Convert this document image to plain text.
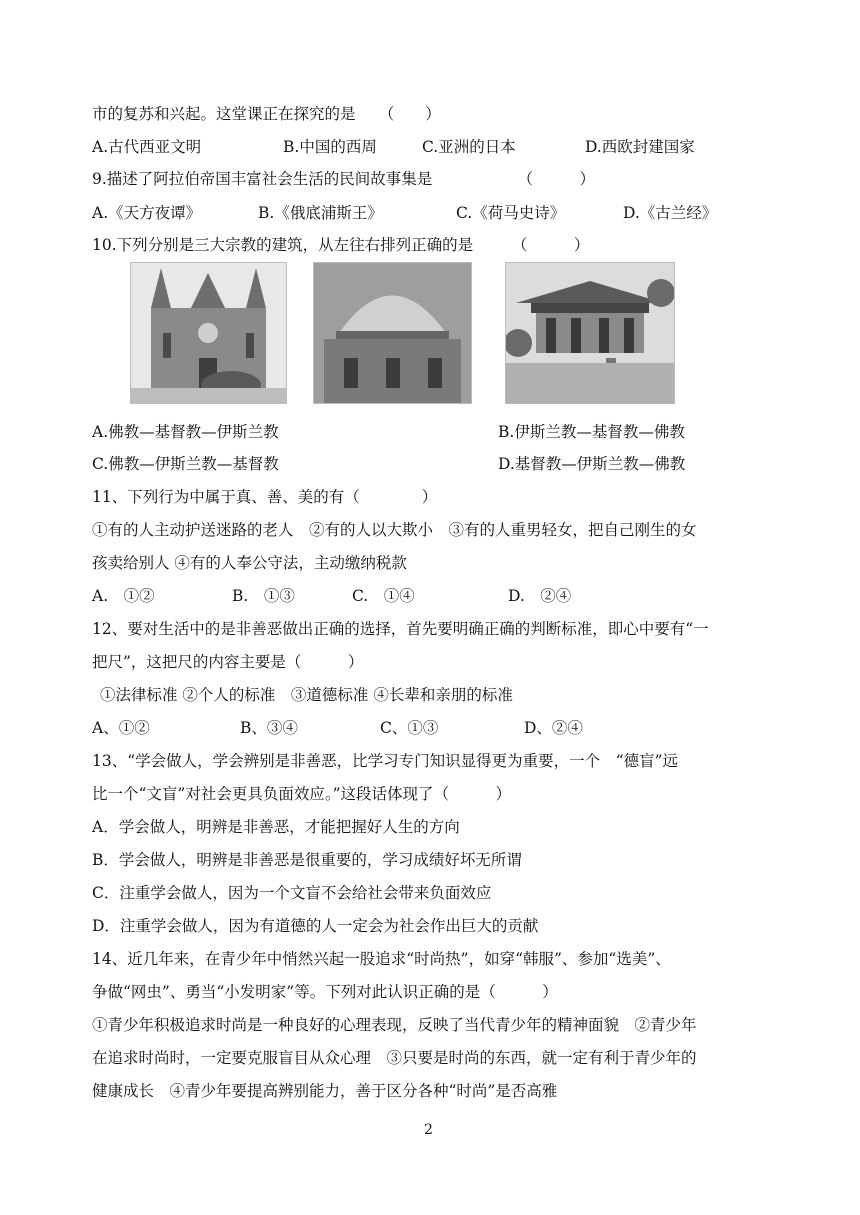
市的复苏和兴起。这堂课正在探究的是　　（　　）
A.古代西亚文明	B.中国的西周	C.亚洲的日本	D.西欧封建国家
9.描述了阿拉伯帝国丰富社会生活的民间故事集是　　　　　　（　　　）
A.《天方夜谭》	B.《俄底浦斯王》	C.《荷马史诗》	D.《古兰经》
10.下列分别是三大宗教的建筑，从左往右排列正确的是　　　（　　　）
A.佛教—基督教—伊斯兰教	B.伊斯兰教—基督教—佛教
C.佛教—伊斯兰教—基督教	D.基督教—伊斯兰教—佛教
11、下列行为中属于真、善、美的有（　　　　）
①有的人主动护送迷路的老人　②有的人以大欺小　③有的人重男轻女，把自己刚生的女
孩卖给别人 ④有的人奉公守法，主动缴纳税款
A.　①②	B.　①③	C.　①④	D.　②④
12、要对生活中的是非善恶做出正确的选择，首先要明确正确的判断标准，即心中要有“一
把尺”，这把尺的内容主要是（　　　）
①法律标准 ②个人的标准　③道德标准 ④长辈和亲朋的标准
A、①②	B、③④	C、①③	D、②④
13、“学会做人，学会辨别是非善恶，比学习专门知识显得更为重要，一个　“德盲”远
比一个“文盲”对社会更具负面效应。”这段话体现了（　　　）
A．学会做人，明辨是非善恶，才能把握好人生的方向
B．学会做人，明辨是非善恶是很重要的，学习成绩好坏无所谓
C．注重学会做人，因为一个文盲不会给社会带来负面效应
D．注重学会做人，因为有道德的人一定会为社会作出巨大的贡献
14、近几年来，在青少年中悄然兴起一股追求“时尚热”，如穿“韩服”、参加“选美”、
争做“网虫”、勇当“小发明家”等。下列对此认识正确的是（　　　）
①青少年积极追求时尚是一种良好的心理表现，反映了当代青少年的精神面貌　②青少年
在追求时尚时，一定要克服盲目从众心理　③只要是时尚的东西，就一定有利于青少年的
健康成长　④青少年要提高辨别能力，善于区分各种“时尚”是否高雅
2
